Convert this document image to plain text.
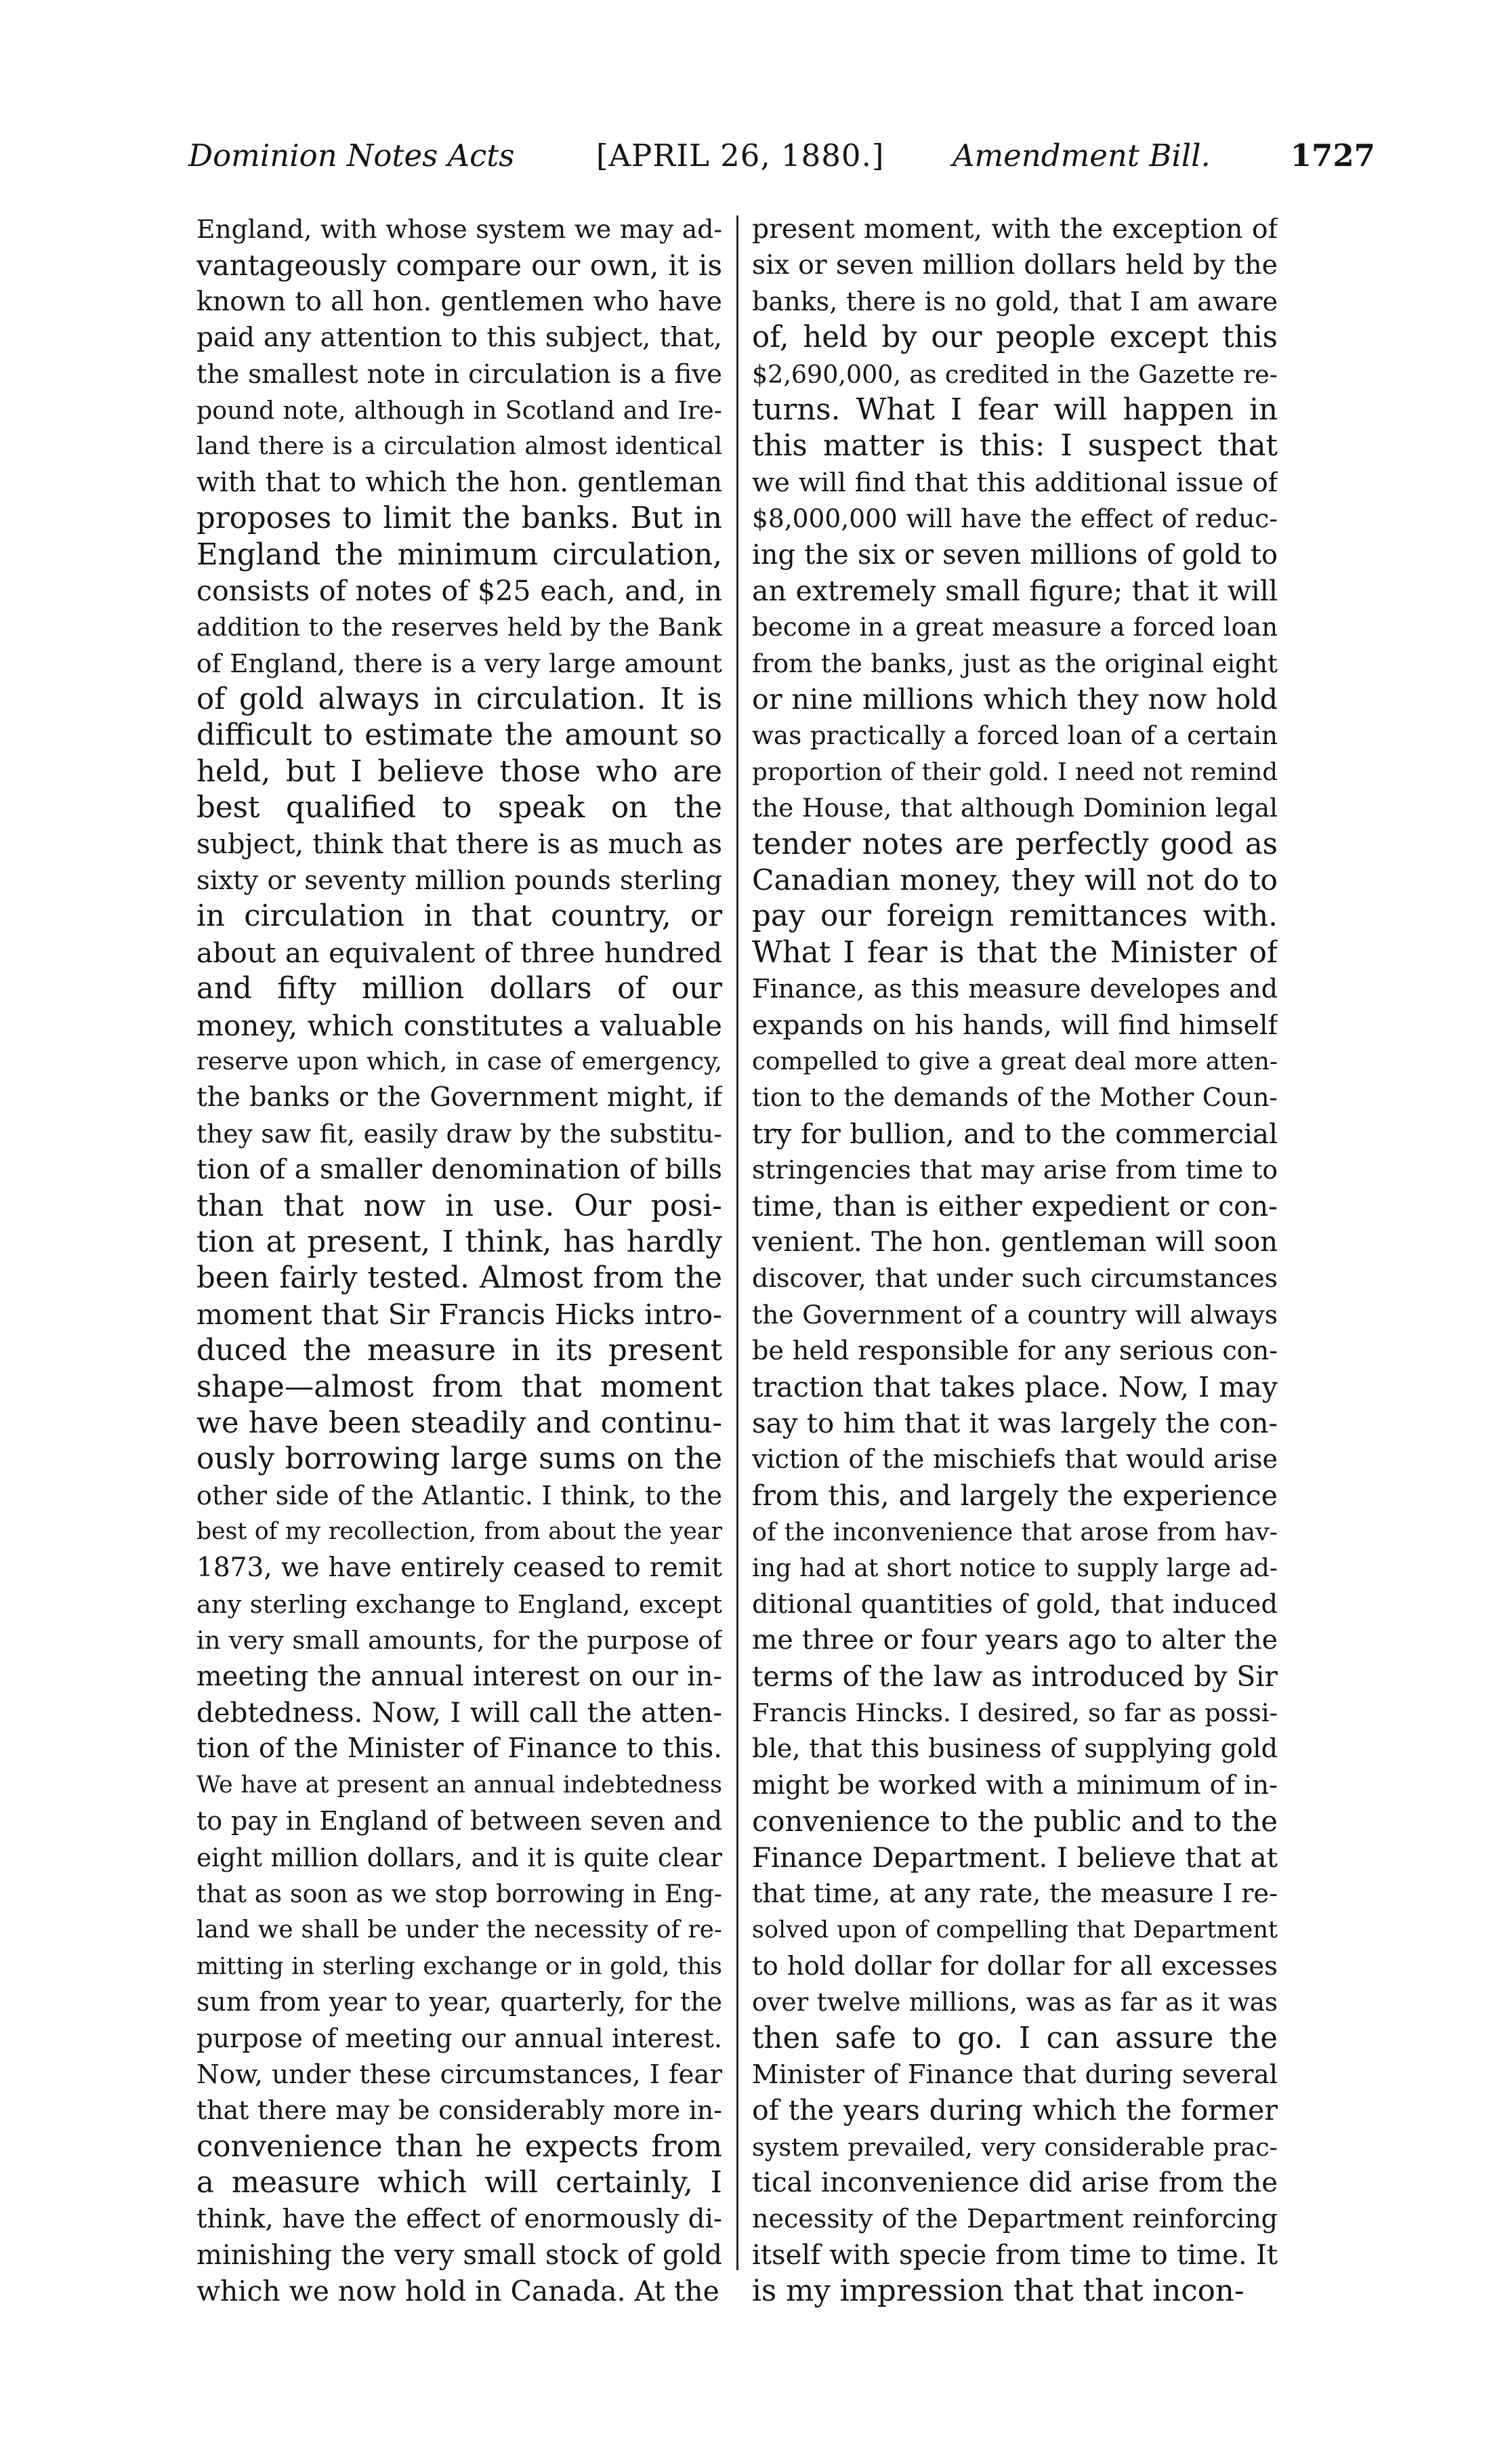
Dominion Notes Acts	[APRIL 26, 1880.] Amendment Bill.	1727
England, with whose system we may ad-
vantageously compare our own, it is
known to all hon. gentlemen who have
paid any attention to this subject, that,
the smallest note in circulation is a five
pound note, although in Scotland and Ire-
land there is a circulation almost identical
with that to which the hon. gentleman
proposes to limit the banks. But in
England the minimum circulation,
consists of notes of $25 each, and, in
addition to the reserves held by the Bank
of England, there is a very large amount
of gold always in circulation. It is
difficult to estimate the amount so
held, but I believe those who are
best qualified to speak on the
subject, think that there is as much as
sixty or seventy million pounds sterling
in circulation in that country, or
about an equivalent of three hundred
and fifty million dollars of our
money, which constitutes a valuable
reserve upon which, in case of emergency,
the banks or the Government might, if
they saw fit, easily draw by the substitu-
tion of a smaller denomination of bills
than that now in use. Our posi-
tion at present, I think, has hardly
been fairly tested. Almost from the
moment that Sir Francis Hicks intro-
duced the measure in its present
shape—almost from that moment
we have been steadily and continu-
ously borrowing large sums on the
other side of the Atlantic. I think, to the
best of my recollection, from about the year
1873, we have entirely ceased to remit
any sterling exchange to England, except
in very small amounts, for the purpose of
meeting the annual interest on our in-
debtedness. Now, I will call the atten-
tion of the Minister of Finance to this.
We have at present an annual indebtedness
to pay in England of between seven and
eight million dollars, and it is quite clear
that as soon as we stop borrowing in Eng-
land we shall be under the necessity of re-
mitting in sterling exchange or in gold, this
sum from year to year, quarterly, for the
purpose of meeting our annual interest.
Now, under these circumstances, I fear
that there may be considerably more in-
convenience than he expects from
a measure which will certainly, I
think, have the effect of enormously di-
minishing the very small stock of gold
which we now hold in Canada. At the
present moment, with the exception of
six or seven million dollars held by the
banks, there is no gold, that I am aware
of, held by our people except this
$2,690,000, as credited in the Gazette re-
turns. What I fear will happen in
this matter is this: I suspect that
we will find that this additional issue of
$8,000,000 will have the effect of reduc-
ing the six or seven millions of gold to
an extremely small figure; that it will
become in a great measure a forced loan
from the banks, just as the original eight
or nine millions which they now hold
was practically a forced loan of a certain
proportion of their gold. I need not remind
the House, that although Dominion legal
tender notes are perfectly good as
Canadian money, they will not do to
pay our foreign remittances with.
What I fear is that the Minister of
Finance, as this measure developes and
expands on his hands, will find himself
compelled to give a great deal more atten-
tion to the demands of the Mother Coun-
try for bullion, and to the commercial
stringencies that may arise from time to
time, than is either expedient or con-
venient. The hon. gentleman will soon
discover, that under such circumstances
the Government of a country will always
be held responsible for any serious con-
traction that takes place. Now, I may
say to him that it was largely the con-
viction of the mischiefs that would arise
from this, and largely the experience
of the inconvenience that arose from hav-
ing had at short notice to supply large ad-
ditional quantities of gold, that induced
me three or four years ago to alter the
terms of the law as introduced by Sir
Francis Hincks. I desired, so far as possi-
ble, that this business of supplying gold
might be worked with a minimum of in-
convenience to the public and to the
Finance Department. I believe that at
that time, at any rate, the measure I re-
solved upon of compelling that Department
to hold dollar for dollar for all excesses
over twelve millions, was as far as it was
then safe to go. I can assure the
Minister of Finance that during several
of the years during which the former
system prevailed, very considerable prac-
tical inconvenience did arise from the
necessity of the Department reinforcing
itself with specie from time to time. It
is my impression that that incon-
